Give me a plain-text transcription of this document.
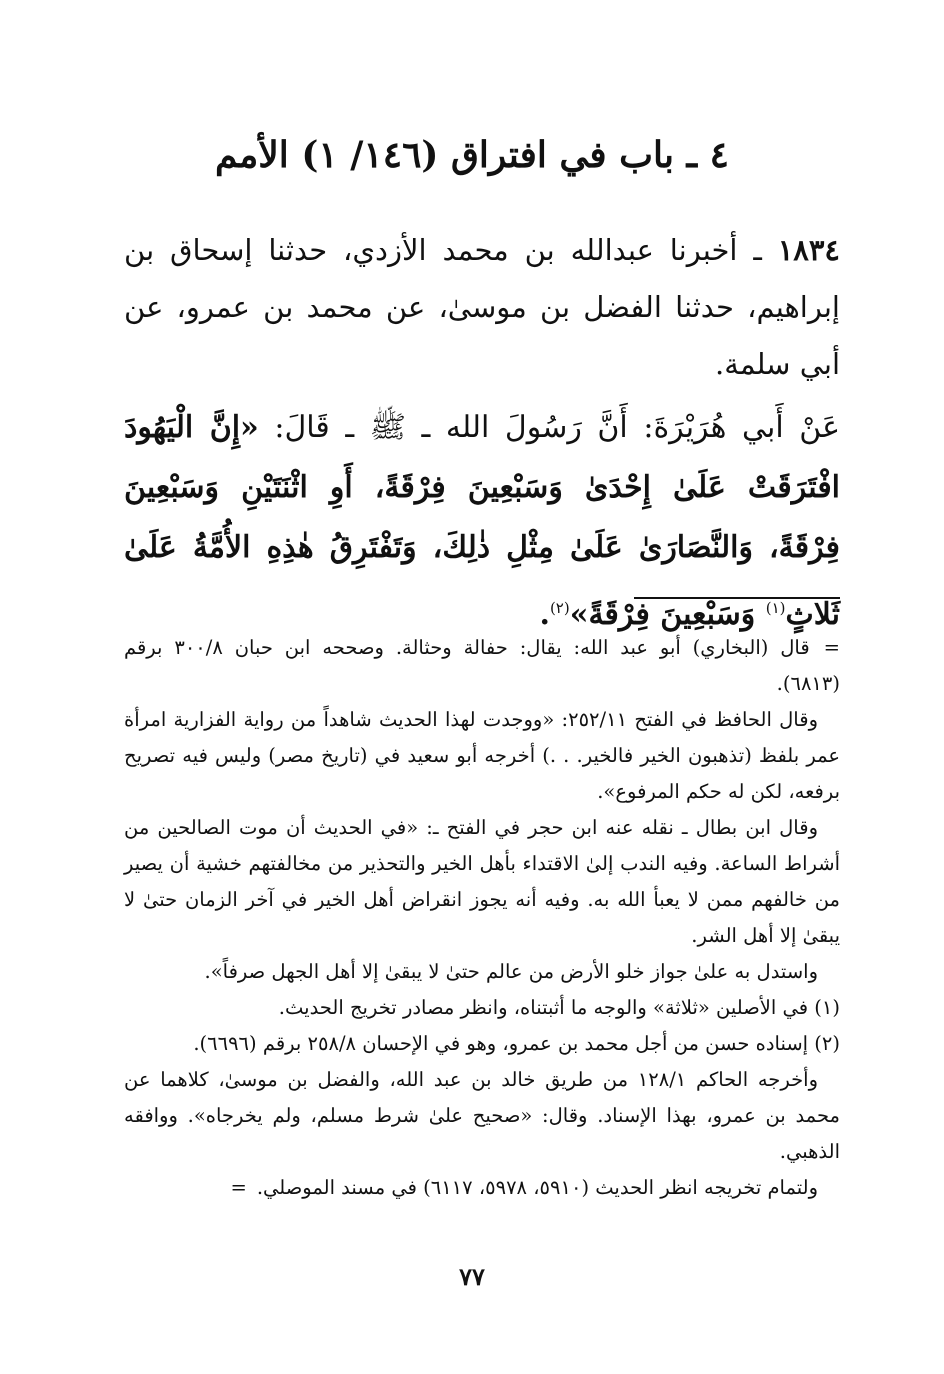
٤ ـ باب في افتراق (١٤٦/ ١) الأمم
١٨٣٤ ـ أخبرنا عبدالله بن محمد الأزدي، حدثنا إسحاق بن إبراهيم، حدثنا الفضل بن موسىٰ، عن محمد بن عمرو، عن أبي سلمة.
عَنْ أَبي هُرَيْرَةَ: أَنَّ رَسُولَ الله ـ ﷺ ـ قَالَ: «إِنَّ الْيَهُودَ افْتَرَقَتْ عَلَىٰ إِحْدَىٰ وَسَبْعِينَ فِرْقَةً، أَوِ اثْنَتَيْنِ وَسَبْعِينَ فِرْقَةً، وَالنَّصَارَىٰ عَلَىٰ مِثْلِ ذٰلِكَ، وَتَفْتَرِقُ هٰذِهِ الأُمَّةُ عَلَىٰ ثَلاثٍ$^{(١)}$ وَسَبْعِينَ فِرْقَةً»$^{(٢)}$.

=قال (البخاري) أبو عبد الله: يقال: حفالة وحثالة. وصححه ابن حبان ٣٠٠/٨ برقم (٦٨١٣).

وقال الحافظ في الفتح ٢٥٢/١١: «ووجدت لهذا الحديث شاهداً من رواية الفزارية امرأة عمر بلفظ (تذهبون الخير فالخير. . .) أخرجه أبو سعيد في (تاريخ مصر) وليس فيه تصريح برفعه، لكن له حكم المرفوع».

وقال ابن بطال ـ نقله عنه ابن حجر في الفتح ـ: «في الحديث أن موت الصالحين من أشراط الساعة. وفيه الندب إلىٰ الاقتداء بأهل الخير والتحذير من مخالفتهم خشية أن يصير من خالفهم ممن لا يعبأ الله به. وفيه أنه يجوز انقراض أهل الخير في آخر الزمان حتىٰ لا يبقىٰ إلا أهل الشر.

واستدل به علىٰ جواز خلو الأرض من عالم حتىٰ لا يبقىٰ إلا أهل الجهل صرفاً».

(١) في الأصلين «ثلاثة» والوجه ما أثبتناه، وانظر مصادر تخريج الحديث.

(٢) إسناده حسن من أجل محمد بن عمرو، وهو في الإحسان ٢٥٨/٨ برقم (٦٦٩٦).

وأخرجه الحاكم ١٢٨/١ من طريق خالد بن عبد الله، والفضل بن موسىٰ، كلاهما عن محمد بن عمرو، بهذا الإسناد. وقال: «صحيح علىٰ شرط مسلم، ولم يخرجاه». ووافقه الذهبي.

ولتمام تخريجه انظر الحديث (٥٩١٠، ٥٩٧٨، ٦١١٧) في مسند الموصلي.=

٧٧
